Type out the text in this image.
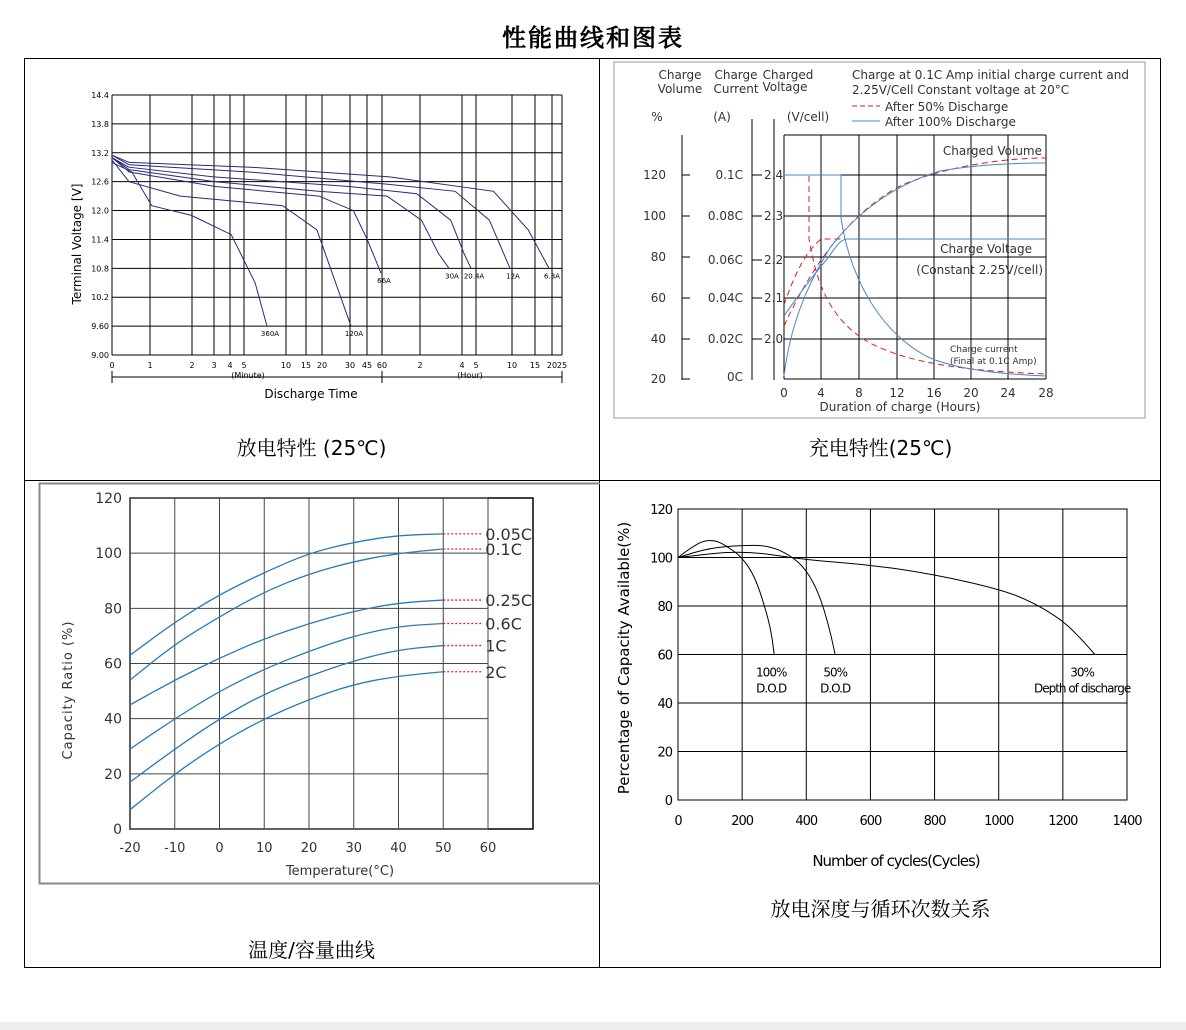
性能曲线和图表
0	1	2 3 4 5	10 15 20 30 45 60	2	4 5	10 15 20 25
14.4
13.8
13.2
12.6
12.0
11.4
10.8
10.2
9.60
9.00
360A	120A
66A
30A 20.4A	12A	6.3A
Discharge Time
Terminal Voltage [V]
(Minute)	(Hour)
放电特性 (25℃)
0 4	8 12 16 20 24 28
120
100
80
60
40
20
0.1C
0.08C
0.06C
0.04C
0.02C
0C
2.4
2.3
2.2
2.1
2.0
Charge
Volume
Charge
Current
Charged
Voltage
%	(A)	(V/cell)
Charge at 0.1C Amp initial charge current and
2.25V/Cell Constant voltage at 20°C
After 50% Discharge
After 100% Discharge
Charged Volume
Charge Voltage
(Constant 2.25V/cell)
Charge current
(Final at 0.1C Amp)
Duration of charge (Hours)
充电特性(25℃)
-20 -10 0 10 20 30 40 50 60
0
20
40
60
80
100
120
0.05C
0.1C
0.25C
0.6C
1C
2C
Temperature(°C)
Capacity Ratio (%)
温度/容量曲线
0	200	400	600	800	1000	1200	1400
0
20
40
60
80
100
120
100%
D.O.D
50%
D.O.D
30%
Depth of discharge
Number of cycles(Cycles)
Percentage of Capacity Available(%)
放电深度与循环次数关系
